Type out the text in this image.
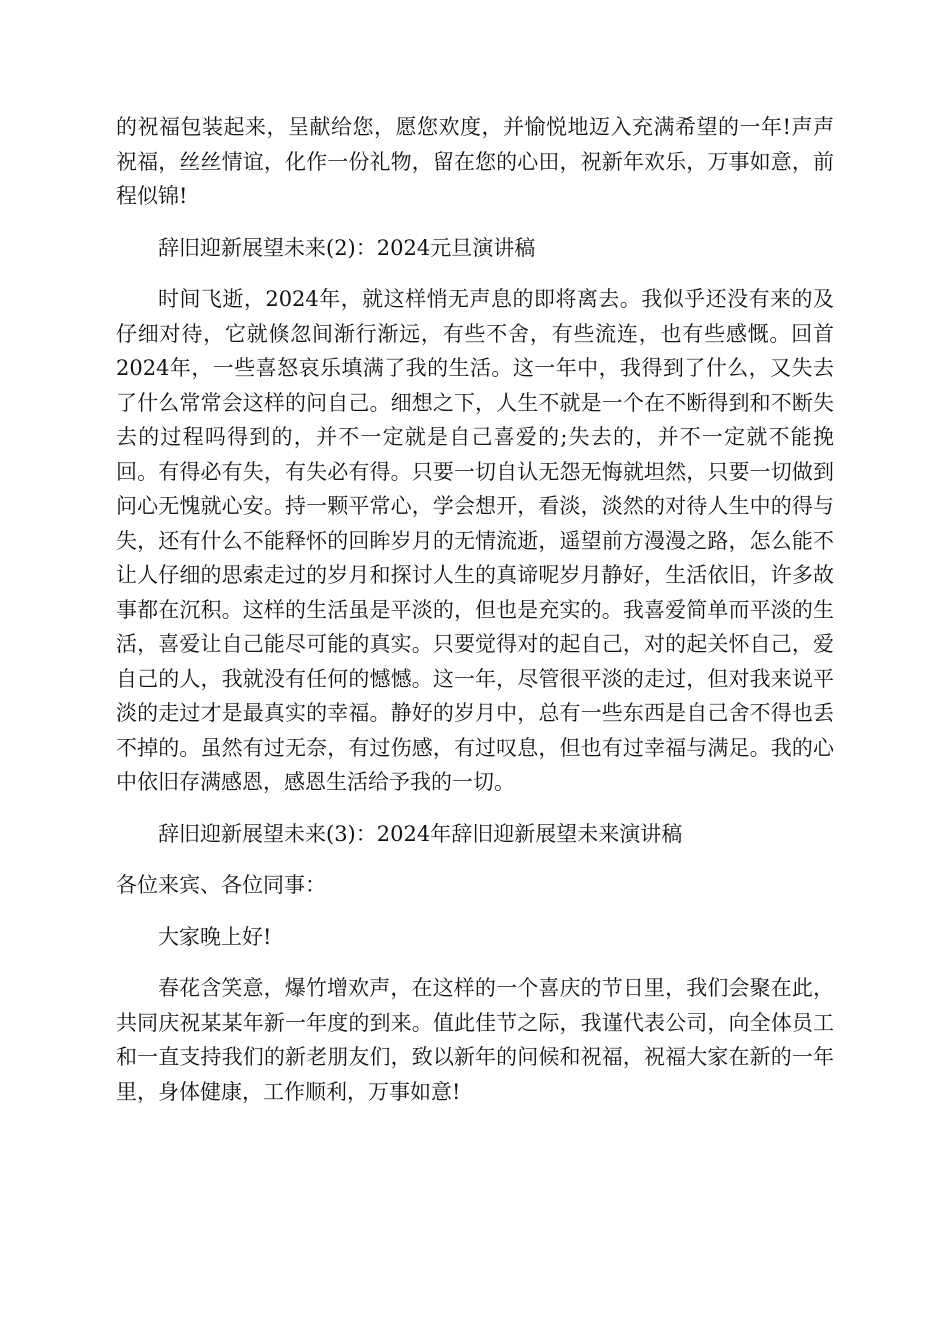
的祝福包装起来，呈献给您，愿您欢度，并愉悦地迈入充满希望的一年!声声祝福，丝丝情谊，化作一份礼物，留在您的心田，祝新年欢乐，万事如意，前程似锦!

辞旧迎新展望未来(2)：2024元旦演讲稿

时间飞逝，2024年，就这样悄无声息的即将离去。我似乎还没有来的及仔细对待，它就倏忽间渐行渐远，有些不舍，有些流连，也有些感慨。回首2024年，一些喜怒哀乐填满了我的生活。这一年中，我得到了什么，又失去了什么常常会这样的问自己。细想之下，人生不就是一个在不断得到和不断失去的过程吗得到的，并不一定就是自己喜爱的;失去的，并不一定就不能挽回。有得必有失，有失必有得。只要一切自认无怨无悔就坦然，只要一切做到问心无愧就心安。持一颗平常心，学会想开，看淡，淡然的对待人生中的得与失，还有什么不能释怀的回眸岁月的无情流逝，遥望前方漫漫之路，怎么能不让人仔细的思索走过的岁月和探讨人生的真谛呢岁月静好，生活依旧，许多故事都在沉积。这样的生活虽是平淡的，但也是充实的。我喜爱简单而平淡的生活，喜爱让自己能尽可能的真实。只要觉得对的起自己，对的起关怀自己，爱自己的人，我就没有任何的憾憾。这一年，尽管很平淡的走过，但对我来说平淡的走过才是最真实的幸福。静好的岁月中，总有一些东西是自己舍不得也丢不掉的。虽然有过无奈，有过伤感，有过叹息，但也有过幸福与满足。我的心中依旧存满感恩，感恩生活给予我的一切。

辞旧迎新展望未来(3)：2024年辞旧迎新展望未来演讲稿

各位来宾、各位同事：

大家晚上好!

春花含笑意，爆竹增欢声，在这样的一个喜庆的节日里，我们会聚在此，共同庆祝某某年新一年度的到来。值此佳节之际，我谨代表公司，向全体员工和一直支持我们的新老朋友们，致以新年的问候和祝福，祝福大家在新的一年里，身体健康，工作顺利，万事如意!
